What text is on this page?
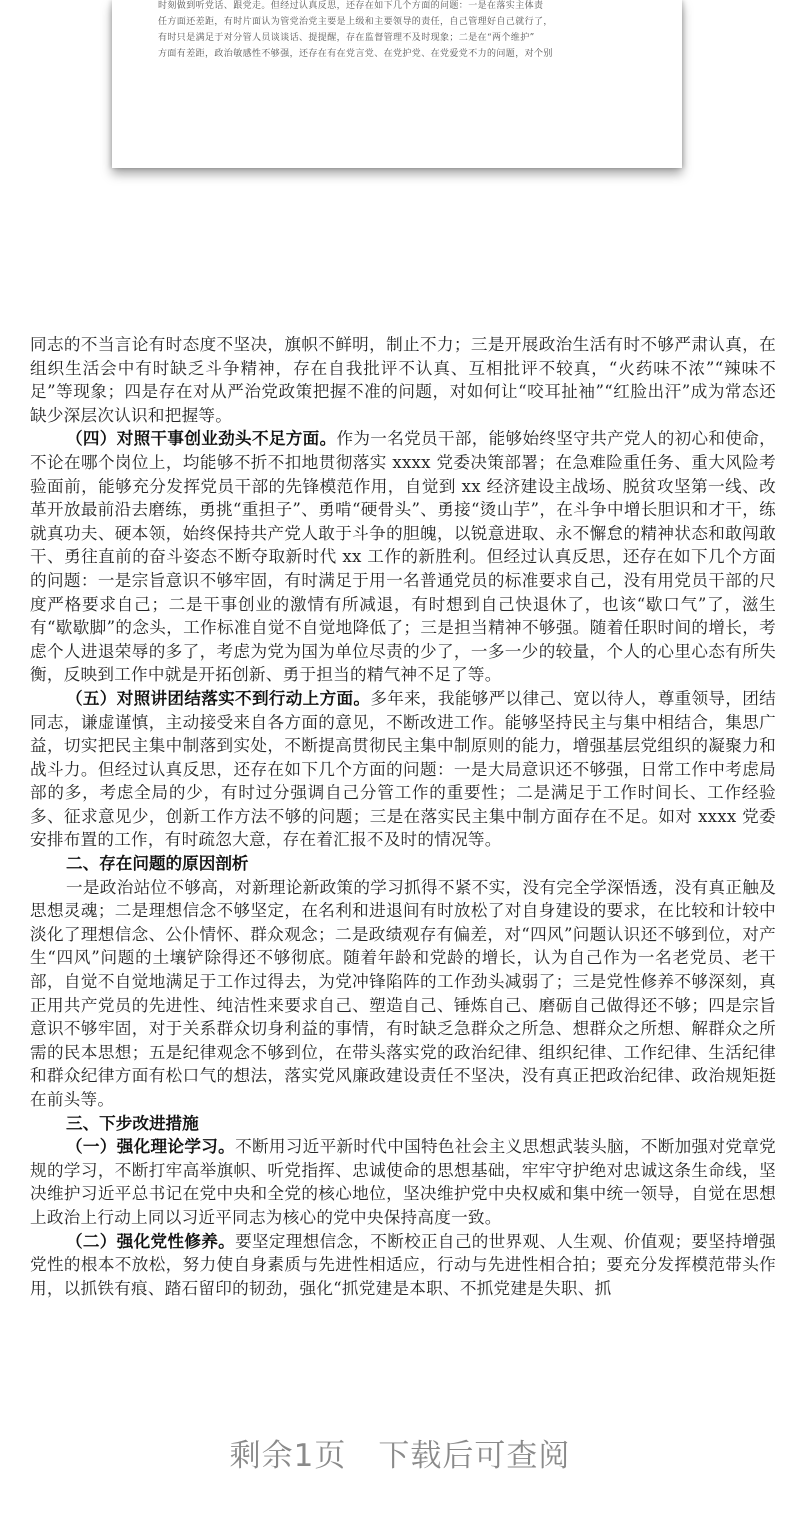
时刻做到听党话、跟党走。但经过认真反思，还存在如下几个方面的问题：一是在落实主体责
任方面还差距，有时片面认为管党治党主要是上级和主要领导的责任，自己管理好自己就行了，
有时只是满足于对分管人员谈谈话、提提醒，存在监督管理不及时现象；二是在“两个维护”
方面有差距，政治敏感性不够强，还存在有在党言党、在党护党、在党爱党不力的问题，对个别

同志的不当言论有时态度不坚决，旗帜不鲜明，制止不力；三是开展政治生活有时不够严肃认真，在组织生活会中有时缺乏斗争精神，存在自我批评不认真、互相批评不较真，“火药味不浓”“辣味不足”等现象；四是存在对从严治党政策把握不准的问题，对如何让“咬耳扯袖”“红脸出汗”成为常态还缺少深层次认识和把握等。

（四）对照干事创业劲头不足方面。作为一名党员干部，能够始终坚守共产党人的初心和使命，不论在哪个岗位上，均能够不折不扣地贯彻落实 xxxx 党委决策部署；在急难险重任务、重大风险考验面前，能够充分发挥党员干部的先锋模范作用，自觉到 xx 经济建设主战场、脱贫攻坚第一线、改革开放最前沿去磨练，勇挑“重担子”、勇啃“硬骨头”、勇接“烫山芋”，在斗争中增长胆识和才干，练就真功夫、硬本领，始终保持共产党人敢于斗争的胆魄，以锐意进取、永不懈怠的精神状态和敢闯敢干、勇往直前的奋斗姿态不断夺取新时代 xx 工作的新胜利。但经过认真反思，还存在如下几个方面的问题：一是宗旨意识不够牢固，有时满足于用一名普通党员的标准要求自己，没有用党员干部的尺度严格要求自己；二是干事创业的激情有所减退，有时想到自己快退休了，也该“歇口气”了，滋生有“歇歇脚”的念头，工作标准自觉不自觉地降低了；三是担当精神不够强。随着任职时间的增长，考虑个人进退荣辱的多了，考虑为党为国为单位尽责的少了，一多一少的较量，个人的心里心态有所失衡，反映到工作中就是开拓创新、勇于担当的精气神不足了等。

（五）对照讲团结落实不到行动上方面。多年来，我能够严以律己、宽以待人，尊重领导，团结同志，谦虚谨慎，主动接受来自各方面的意见，不断改进工作。能够坚持民主与集中相结合，集思广益，切实把民主集中制落到实处，不断提高贯彻民主集中制原则的能力，增强基层党组织的凝聚力和战斗力。但经过认真反思，还存在如下几个方面的问题：一是大局意识还不够强，日常工作中考虑局部的多，考虑全局的少，有时过分强调自己分管工作的重要性；二是满足于工作时间长、工作经验多、征求意见少，创新工作方法不够的问题；三是在落实民主集中制方面存在不足。如对 xxxx 党委安排布置的工作，有时疏忽大意，存在着汇报不及时的情况等。

二、存在问题的原因剖析

一是政治站位不够高，对新理论新政策的学习抓得不紧不实，没有完全学深悟透，没有真正触及思想灵魂；二是理想信念不够坚定，在名利和进退间有时放松了对自身建设的要求，在比较和计较中淡化了理想信念、公仆情怀、群众观念；二是政绩观存有偏差，对“四风”问题认识还不够到位，对产生“四风”问题的土壤铲除得还不够彻底。随着年龄和党龄的增长，认为自己作为一名老党员、老干部，自觉不自觉地满足于工作过得去，为党冲锋陷阵的工作劲头减弱了；三是党性修养不够深刻，真正用共产党员的先进性、纯洁性来要求自己、塑造自己、锤炼自己、磨砺自己做得还不够；四是宗旨意识不够牢固，对于关系群众切身利益的事情，有时缺乏急群众之所急、想群众之所想、解群众之所需的民本思想；五是纪律观念不够到位，在带头落实党的政治纪律、组织纪律、工作纪律、生活纪律和群众纪律方面有松口气的想法，落实党风廉政建设责任不坚决，没有真正把政治纪律、政治规矩挺在前头等。

三、下步改进措施

（一）强化理论学习。不断用习近平新时代中国特色社会主义思想武装头脑，不断加强对党章党规的学习，不断打牢高举旗帜、听党指挥、忠诚使命的思想基础，牢牢守护绝对忠诚这条生命线，坚决维护习近平总书记在党中央和全党的核心地位，坚决维护党中央权威和集中统一领导，自觉在思想上政治上行动上同以习近平同志为核心的党中央保持高度一致。

（二）强化党性修养。要坚定理想信念，不断校正自己的世界观、人生观、价值观；要坚持增强党性的根本不放松，努力使自身素质与先进性相适应，行动与先进性相合拍；要充分发挥模范带头作用，以抓铁有痕、踏石留印的韧劲，强化“抓党建是本职、不抓党建是失职、抓

剩余1页 下载后可查阅
